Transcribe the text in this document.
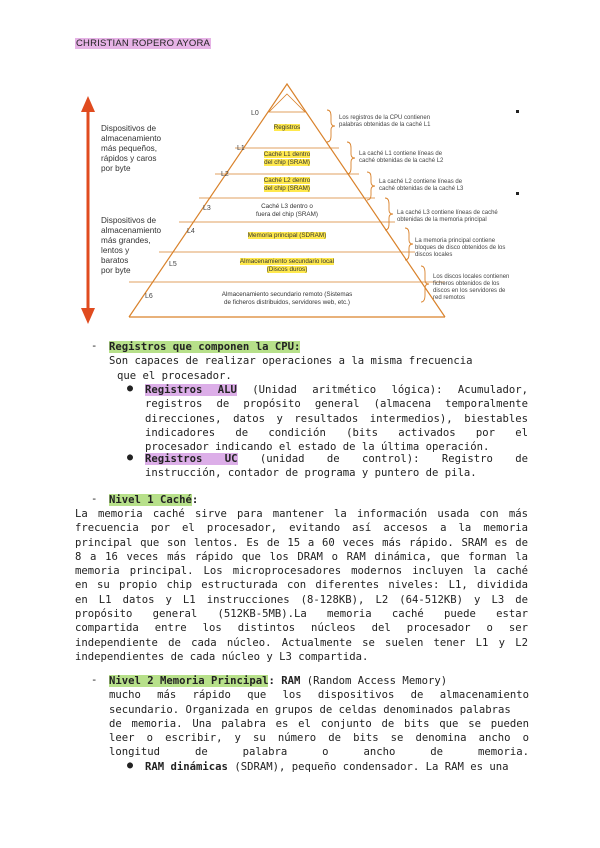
CHRISTIAN ROPERO AYORA
Dispositivos de
almacenamiento
más pequeños,
rápidos y caros
por byte
Dispositivos de
almacenamiento
más grandes,
lentos y
baratos
por byte
L0
L1
L2
L3
L4
L5
L6
Registros
Caché L1 dentro
del chip (SRAM)
Caché L2 dentro
del chip (SRAM)
Caché L3 dentro o
fuera del chip (SRAM)
Memoria principal (SDRAM)
Almacenamiento secundario local
(Discos duros)
Almacenamiento secundario remoto (Sistemas
de ficheros distribuidos, servidores web, etc.)
Los registros de la CPU contienen
palabras obtenidas de la caché L1
La caché L1 contiene líneas de
caché obtenidas de la caché L2
La caché L2 contiene líneas de
caché obtenidas de la caché L3
La caché L3 contiene líneas de caché
obtenidas de la memoria principal
La memoria principal contiene
bloques de disco obtenidos de los
discos locales
Los discos locales contienen
ficheros obtenidos de los
discos en los servidores de
red remotos
- Registros que componen la CPU:
Son capaces de realizar operaciones a la misma frecuencia
que el procesador.
● Registros ALU (Unidad aritmético lógica): Acumulador,
registros de propósito general (almacena temporalmente
direcciones, datos y resultados intermedios), biestables
indicadores de condición (bits activados por el
procesador indicando el estado de la última operación.
● Registros UC (unidad de control): Registro de
instrucción, contador de programa y puntero de pila.
- Nivel 1 Caché:
La memoria caché sirve para mantener la información usada con más
frecuencia por el procesador, evitando así accesos a la memoria
principal que son lentos. Es de 15 a 60 veces más rápido. SRAM es de
8 a 16 veces más rápido que los DRAM o RAM dinámica, que forman la
memoria principal. Los microprocesadores modernos incluyen la caché
en su propio chip estructurada con diferentes niveles: L1, dividida
en L1 datos y L1 instrucciones (8-128KB), L2 (64-512KB) y L3 de
propósito general (512KB-5MB).La memoria caché puede estar
compartida entre los distintos núcleos del procesador o ser
independiente de cada núcleo. Actualmente se suelen tener L1 y L2
independientes de cada núcleo y L3 compartida.
- Nivel 2 Memoria Principal: RAM (Random Access Memory)
mucho más rápido que los dispositivos de almacenamiento
secundario. Organizada en grupos de celdas denominados palabras
de memoria. Una palabra es el conjunto de bits que se pueden
leer o escribir, y su número de bits se denomina ancho o
longitud de palabra o ancho de memoria.
● RAM dinámicas (SDRAM), pequeño condensador. La RAM es una
